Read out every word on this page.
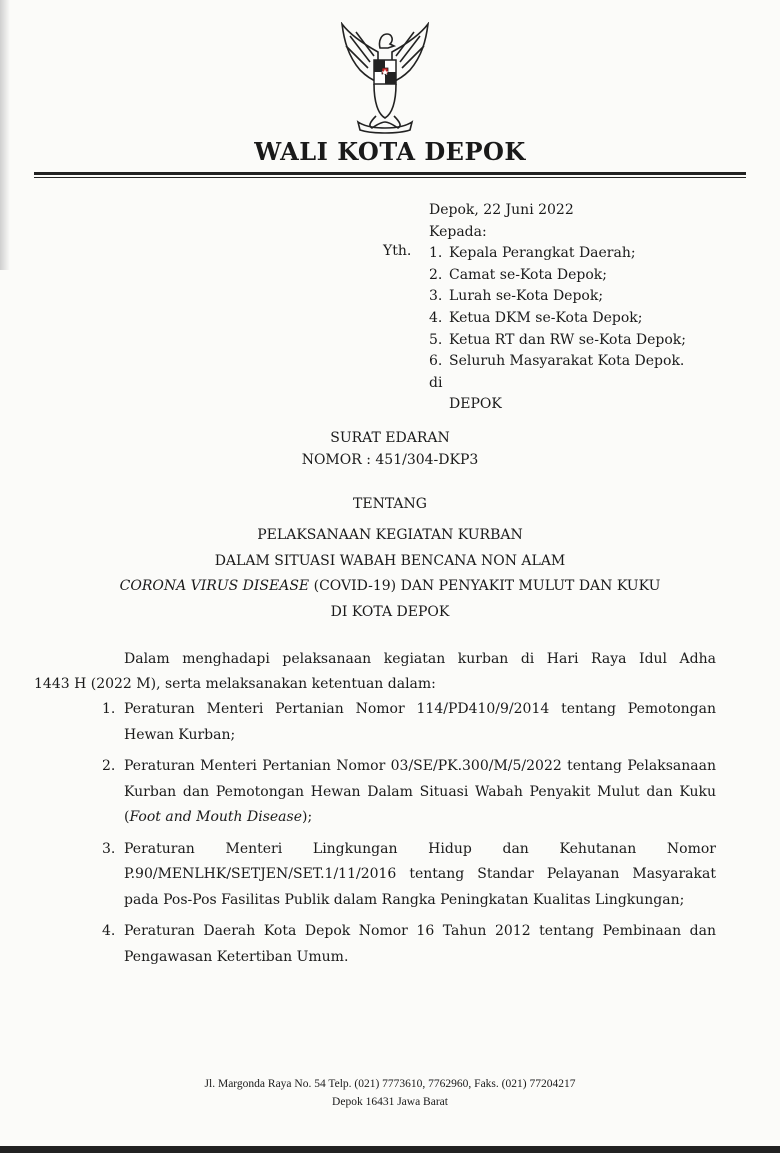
WALI KOTA DEPOK
Depok, 22 Juni 2022
Kepada:
1. Kepala Perangkat Daerah;
2. Camat se-Kota Depok;
3. Lurah se-Kota Depok;
4. Ketua DKM se-Kota Depok;
5. Ketua RT dan RW se-Kota Depok;
6. Seluruh Masyarakat Kota Depok.
di
DEPOK
Yth.
SURAT EDARAN
NOMOR : 451/304-DKP3
TENTANG
PELAKSANAAN KEGIATAN KURBAN
DALAM SITUASI WABAH BENCANA NON ALAM
CORONA VIRUS DISEASE (COVID-19) DAN PENYAKIT MULUT DAN KUKU
DI KOTA DEPOK
Dalam menghadapi pelaksanaan kegiatan kurban di Hari Raya Idul Adha
1443 H (2022 M), serta melaksanakan ketentuan dalam:
1. Peraturan Menteri Pertanian Nomor 114/PD410/9/2014 tentang Pemotongan Hewan Kurban;
2. Peraturan Menteri Pertanian Nomor 03/SE/PK.300/M/5/2022 tentang Pelaksanaan Kurban dan Pemotongan Hewan Dalam Situasi Wabah Penyakit Mulut dan Kuku (Foot and Mouth Disease);
3. Peraturan Menteri Lingkungan Hidup dan Kehutanan Nomor P.90/MENLHK/SETJEN/SET.1/11/2016 tentang Standar Pelayanan Masyarakat pada Pos-Pos Fasilitas Publik dalam Rangka Peningkatan Kualitas Lingkungan;
4. Peraturan Daerah Kota Depok Nomor 16 Tahun 2012 tentang Pembinaan dan Pengawasan Ketertiban Umum.
Jl. Margonda Raya No. 54 Telp. (021) 7773610, 7762960, Faks. (021) 77204217
Depok 16431 Jawa Barat
